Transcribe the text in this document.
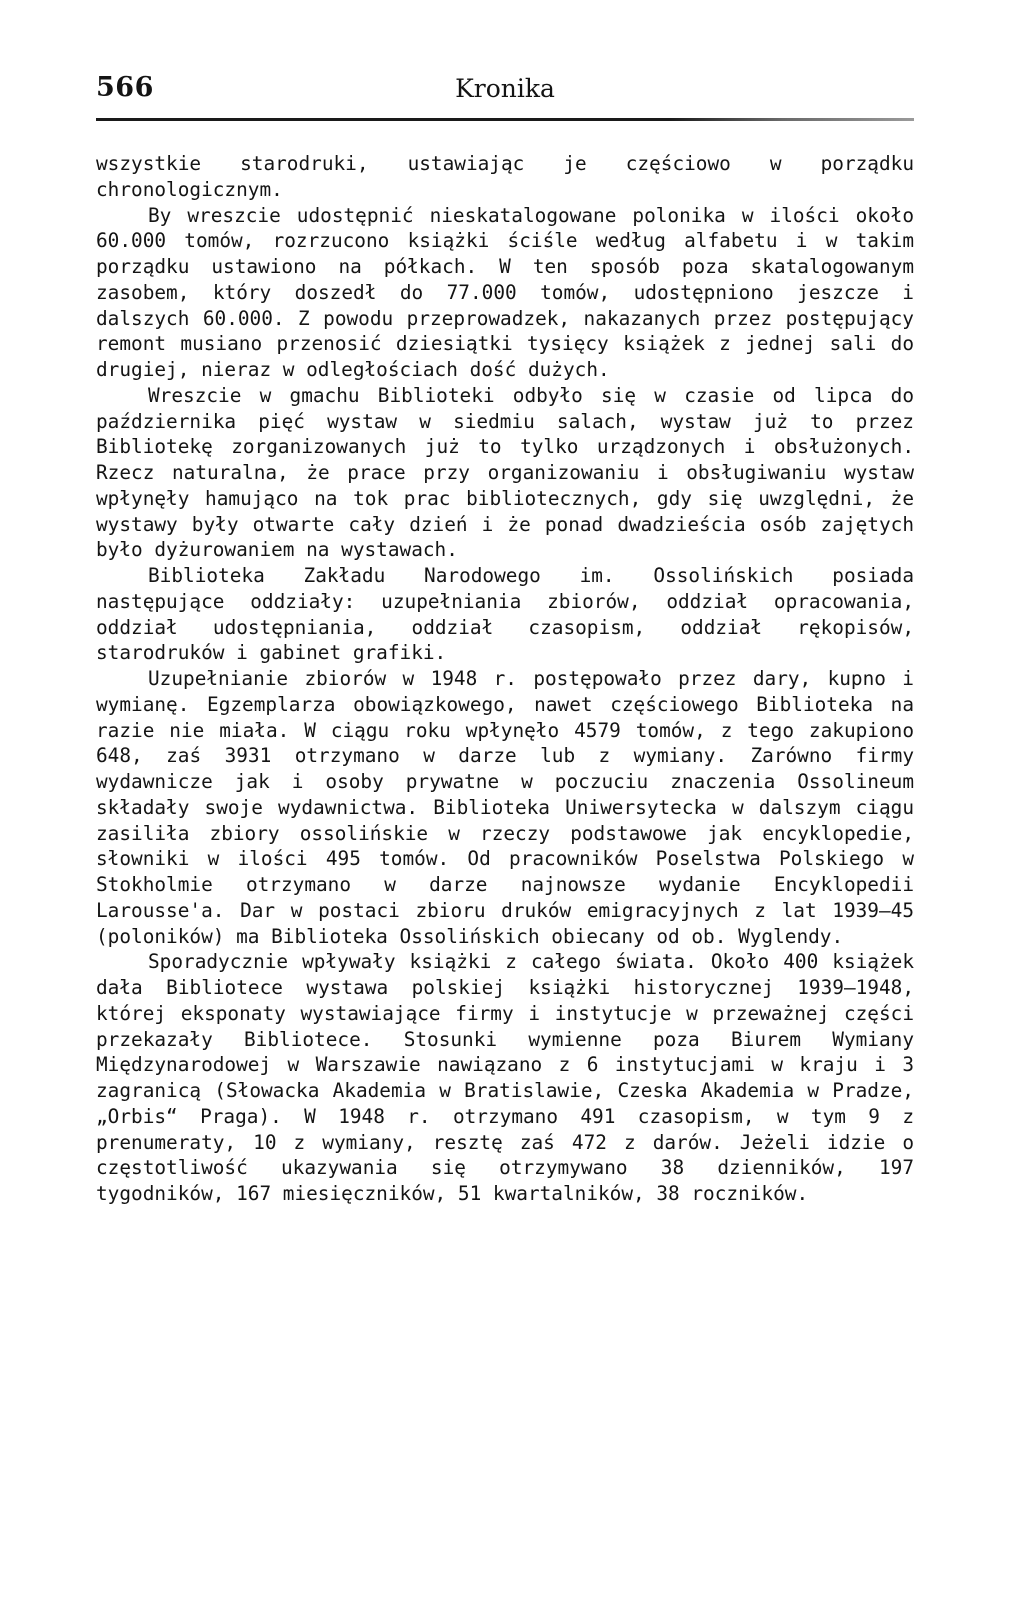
566	Kronika

wszystkie starodruki, ustawiając je częściowo w porządku chronologicznym.

By wreszcie udostępnić nieskatalogowane polonika w ilości około 60.000 tomów, rozrzucono książki ściśle według alfabetu i w takim porządku ustawiono na półkach. W ten sposób poza skatalogowanym zasobem, który doszedł do 77.000 tomów, udostępniono jeszcze i dalszych 60.000. Z powodu przeprowadzek, nakazanych przez postępujący remont musiano przenosić dziesiątki tysięcy książek z jednej sali do drugiej, nieraz w odległościach dość dużych.

Wreszcie w gmachu Biblioteki odbyło się w czasie od lipca do października pięć wystaw w siedmiu salach, wystaw już to przez Bibliotekę zorganizowanych już to tylko urządzonych i obsłużonych. Rzecz naturalna, że prace przy organizowaniu i obsługiwaniu wystaw wpłynęły hamująco na tok prac bibliotecznych, gdy się uwzględni, że wystawy były otwarte cały dzień i że ponad dwadzieścia osób zajętych było dyżurowaniem na wystawach.

Biblioteka Zakładu Narodowego im. Ossolińskich posiada następujące oddziały: uzupełniania zbiorów, oddział opracowania, oddział udostępniania, oddział czasopism, oddział rękopisów, starodruków i gabinet grafiki.

Uzupełnianie zbiorów w 1948 r. postępowało przez dary, kupno i wymianę. Egzemplarza obowiązkowego, nawet częściowego Biblioteka na razie nie miała. W ciągu roku wpłynęło 4579 tomów, z tego zakupiono 648, zaś 3931 otrzymano w darze lub z wymiany. Zarówno firmy wydawnicze jak i osoby prywatne w poczuciu znaczenia Ossolineum składały swoje wydawnictwa. Biblioteka Uniwersytecka w dalszym ciągu zasiliła zbiory ossolińskie w rzeczy podstawowe jak encyklopedie, słowniki w ilości 495 tomów. Od pracowników Poselstwa Polskiego w Stokholmie otrzymano w darze najnowsze wydanie Encyklopedii Larousse'a. Dar w postaci zbioru druków emigracyjnych z lat 1939—45 (poloników) ma Biblioteka Ossolińskich obiecany od ob. Wyglendy.

Sporadycznie wpływały książki z całego świata. Około 400 książek dała Bibliotece wystawa polskiej książki historycznej 1939—1948, której eksponaty wystawiające firmy i instytucje w przeważnej części przekazały Bibliotece. Stosunki wymienne poza Biurem Wymiany Międzynarodowej w Warszawie nawiązano z 6 instytucjami w kraju i 3 zagranicą (Słowacka Akademia w Bratislawie, Czeska Akademia w Pradze, „Orbis“ Praga). W 1948 r. otrzymano 491 czasopism, w tym 9 z prenumeraty, 10 z wymiany, resztę zaś 472 z darów. Jeżeli idzie o częstotliwość ukazywania się otrzymywano 38 dzienników, 197 tygodników, 167 miesięczników, 51 kwartalników, 38 roczników.
